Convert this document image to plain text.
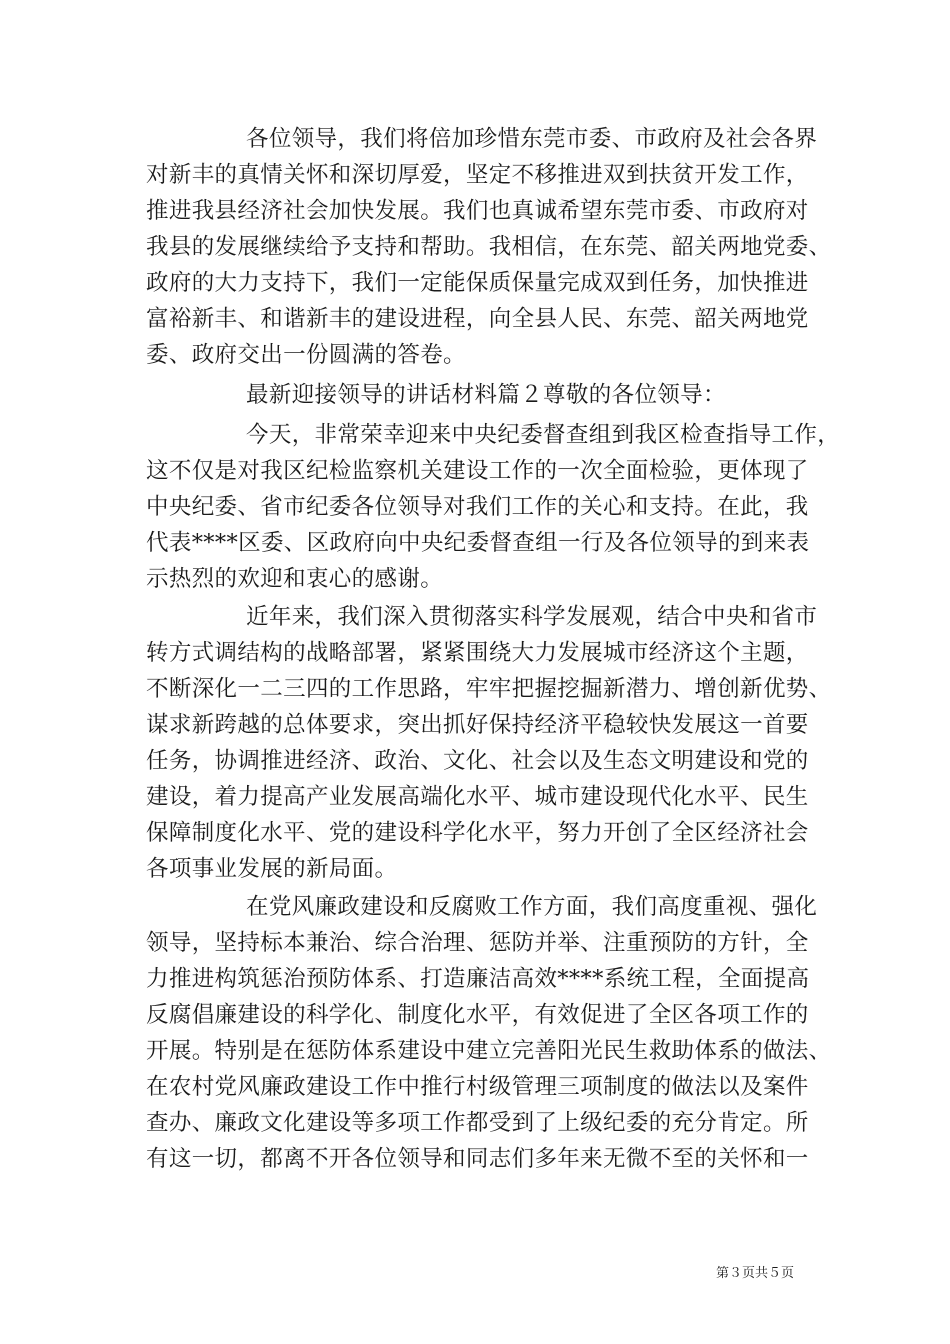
各位领导，我们将倍加珍惜东莞市委、市政府及社会各界
对新丰的真情关怀和深切厚爱，坚定不移推进双到扶贫开发工作，
推进我县经济社会加快发展。我们也真诚希望东莞市委、市政府对
我县的发展继续给予支持和帮助。我相信，在东莞、韶关两地党委、
政府的大力支持下，我们一定能保质保量完成双到任务，加快推进
富裕新丰、和谐新丰的建设进程，向全县人民、东莞、韶关两地党
委、政府交出一份圆满的答卷。
最新迎接领导的讲话材料篇２尊敬的各位领导：
今天，非常荣幸迎来中央纪委督查组到我区检查指导工作，
这不仅是对我区纪检监察机关建设工作的一次全面检验，更体现了
中央纪委、省市纪委各位领导对我们工作的关心和支持。在此，我
代表****区委、区政府向中央纪委督查组一行及各位领导的到来表
示热烈的欢迎和衷心的感谢。
近年来，我们深入贯彻落实科学发展观，结合中央和省市
转方式调结构的战略部署，紧紧围绕大力发展城市经济这个主题，
不断深化一二三四的工作思路，牢牢把握挖掘新潜力、增创新优势、
谋求新跨越的总体要求，突出抓好保持经济平稳较快发展这一首要
任务，协调推进经济、政治、文化、社会以及生态文明建设和党的
建设，着力提高产业发展高端化水平、城市建设现代化水平、民生
保障制度化水平、党的建设科学化水平，努力开创了全区经济社会
各项事业发展的新局面。
在党风廉政建设和反腐败工作方面，我们高度重视、强化
领导，坚持标本兼治、综合治理、惩防并举、注重预防的方针，全
力推进构筑惩治预防体系、打造廉洁高效****系统工程，全面提高
反腐倡廉建设的科学化、制度化水平，有效促进了全区各项工作的
开展。特别是在惩防体系建设中建立完善阳光民生救助体系的做法、
在农村党风廉政建设工作中推行村级管理三项制度的做法以及案件
查办、廉政文化建设等多项工作都受到了上级纪委的充分肯定。所
有这一切，都离不开各位领导和同志们多年来无微不至的关怀和一
第３页共５页
